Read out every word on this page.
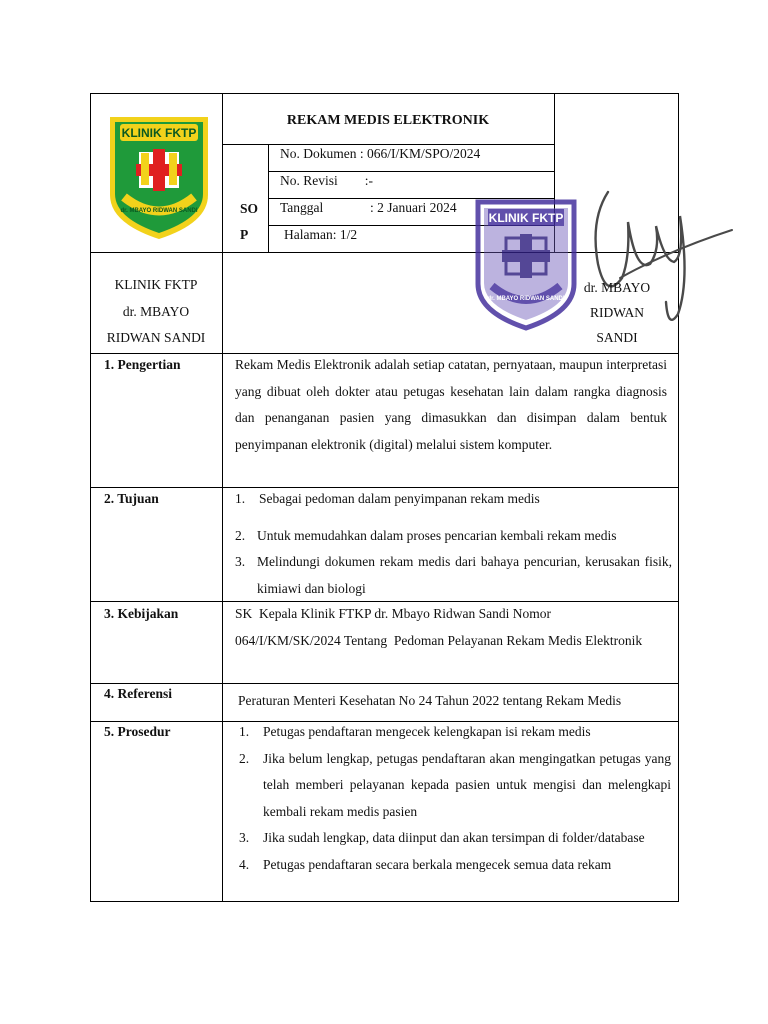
KLINIK FKTP
dr. MBAYO RIDWAN SANDI
REKAM MEDIS ELEKTRONIK
SO
P
No. Dokumen : 066/I/KM/SPO/2024
No. Revisi        :-
Tanggal	: 2 Januari 2024
Halaman: 1/2
KLINIK FKTP
dr. MBAYO
RIDWAN SANDI
KLINIK FKTP
dr. MBAYO RIDWAN SANDI
dr. MBAYO
RIDWAN
SANDI
1. Pengertian	Rekam Medis Elektronik adalah setiap catatan, pernyataan, maupun interpretasi yang dibuat oleh dokter atau petugas kesehatan lain dalam rangka diagnosis dan penanganan pasien yang dimasukkan dan disimpan dalam bentuk penyimpanan elektronik (digital) melalui sistem komputer.
2. Tujuan	1. Sebagai pedoman dalam penyimpanan rekam medis
2. Untuk memudahkan dalam proses pencarian kembali rekam medis
3. Melindungi dokumen rekam medis dari bahaya pencurian, kerusakan fisik, kimiawi dan biologi
3. Kebijakan	SK  Kepala Klinik FTKP dr. Mbayo Ridwan Sandi Nomor 064/I/KM/SK/2024 Tentang  Pedoman Pelayanan Rekam Medis Elektronik
4. Referensi	Peraturan Menteri Kesehatan No 24 Tahun 2022 tentang Rekam Medis
5. Prosedur	1. Petugas pendaftaran mengecek kelengkapan isi rekam medis
2. Jika belum lengkap, petugas pendaftaran akan mengingatkan petugas yang telah memberi pelayanan kepada pasien untuk mengisi dan melengkapi kembali rekam medis pasien
3. Jika sudah lengkap, data diinput dan akan tersimpan di folder/database
4. Petugas pendaftaran secara berkala mengecek semua data rekam
